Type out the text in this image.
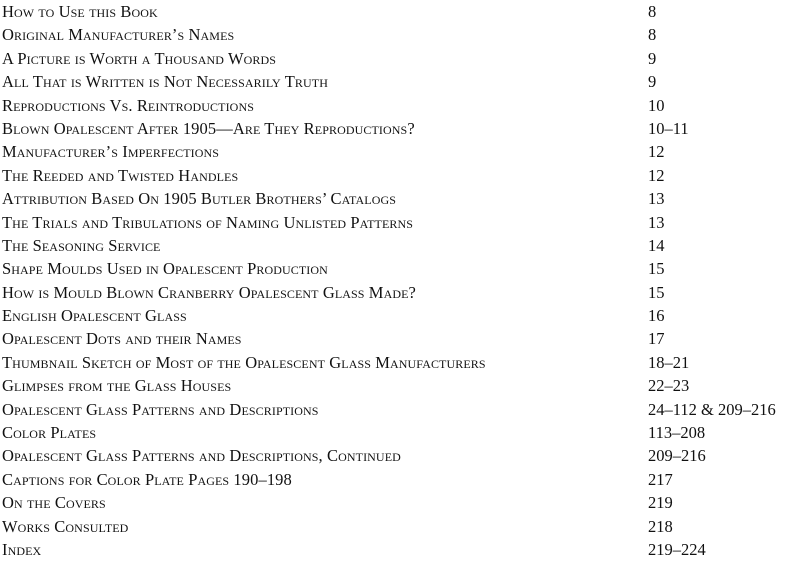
How to Use this Book	8
Original Manufacturer’s Names	8
A Picture is Worth a Thousand Words	9
All That is Written is Not Necessarily Truth	9
Reproductions Vs. Reintroductions	10
Blown Opalescent After 1905—Are They Reproductions?	10–11
Manufacturer’s Imperfections	12
The Reeded and Twisted Handles	12
Attribution Based On 1905 Butler Brothers’ Catalogs	13
The Trials and Tribulations of Naming Unlisted Patterns	13
The Seasoning Service	14
Shape Moulds Used in Opalescent Production	15
How is Mould Blown Cranberry Opalescent Glass Made?	15
English Opalescent Glass	16
Opalescent Dots and their Names	17
Thumbnail Sketch of Most of the Opalescent Glass Manufacturers	18–21
Glimpses from the Glass Houses	22–23
Opalescent Glass Patterns and Descriptions	24–112 & 209–216
Color Plates	113–208
Opalescent Glass Patterns and Descriptions, Continued	209–216
Captions for Color Plate Pages 190–198	217
On the Covers	219
Works Consulted	218
Index	219–224
